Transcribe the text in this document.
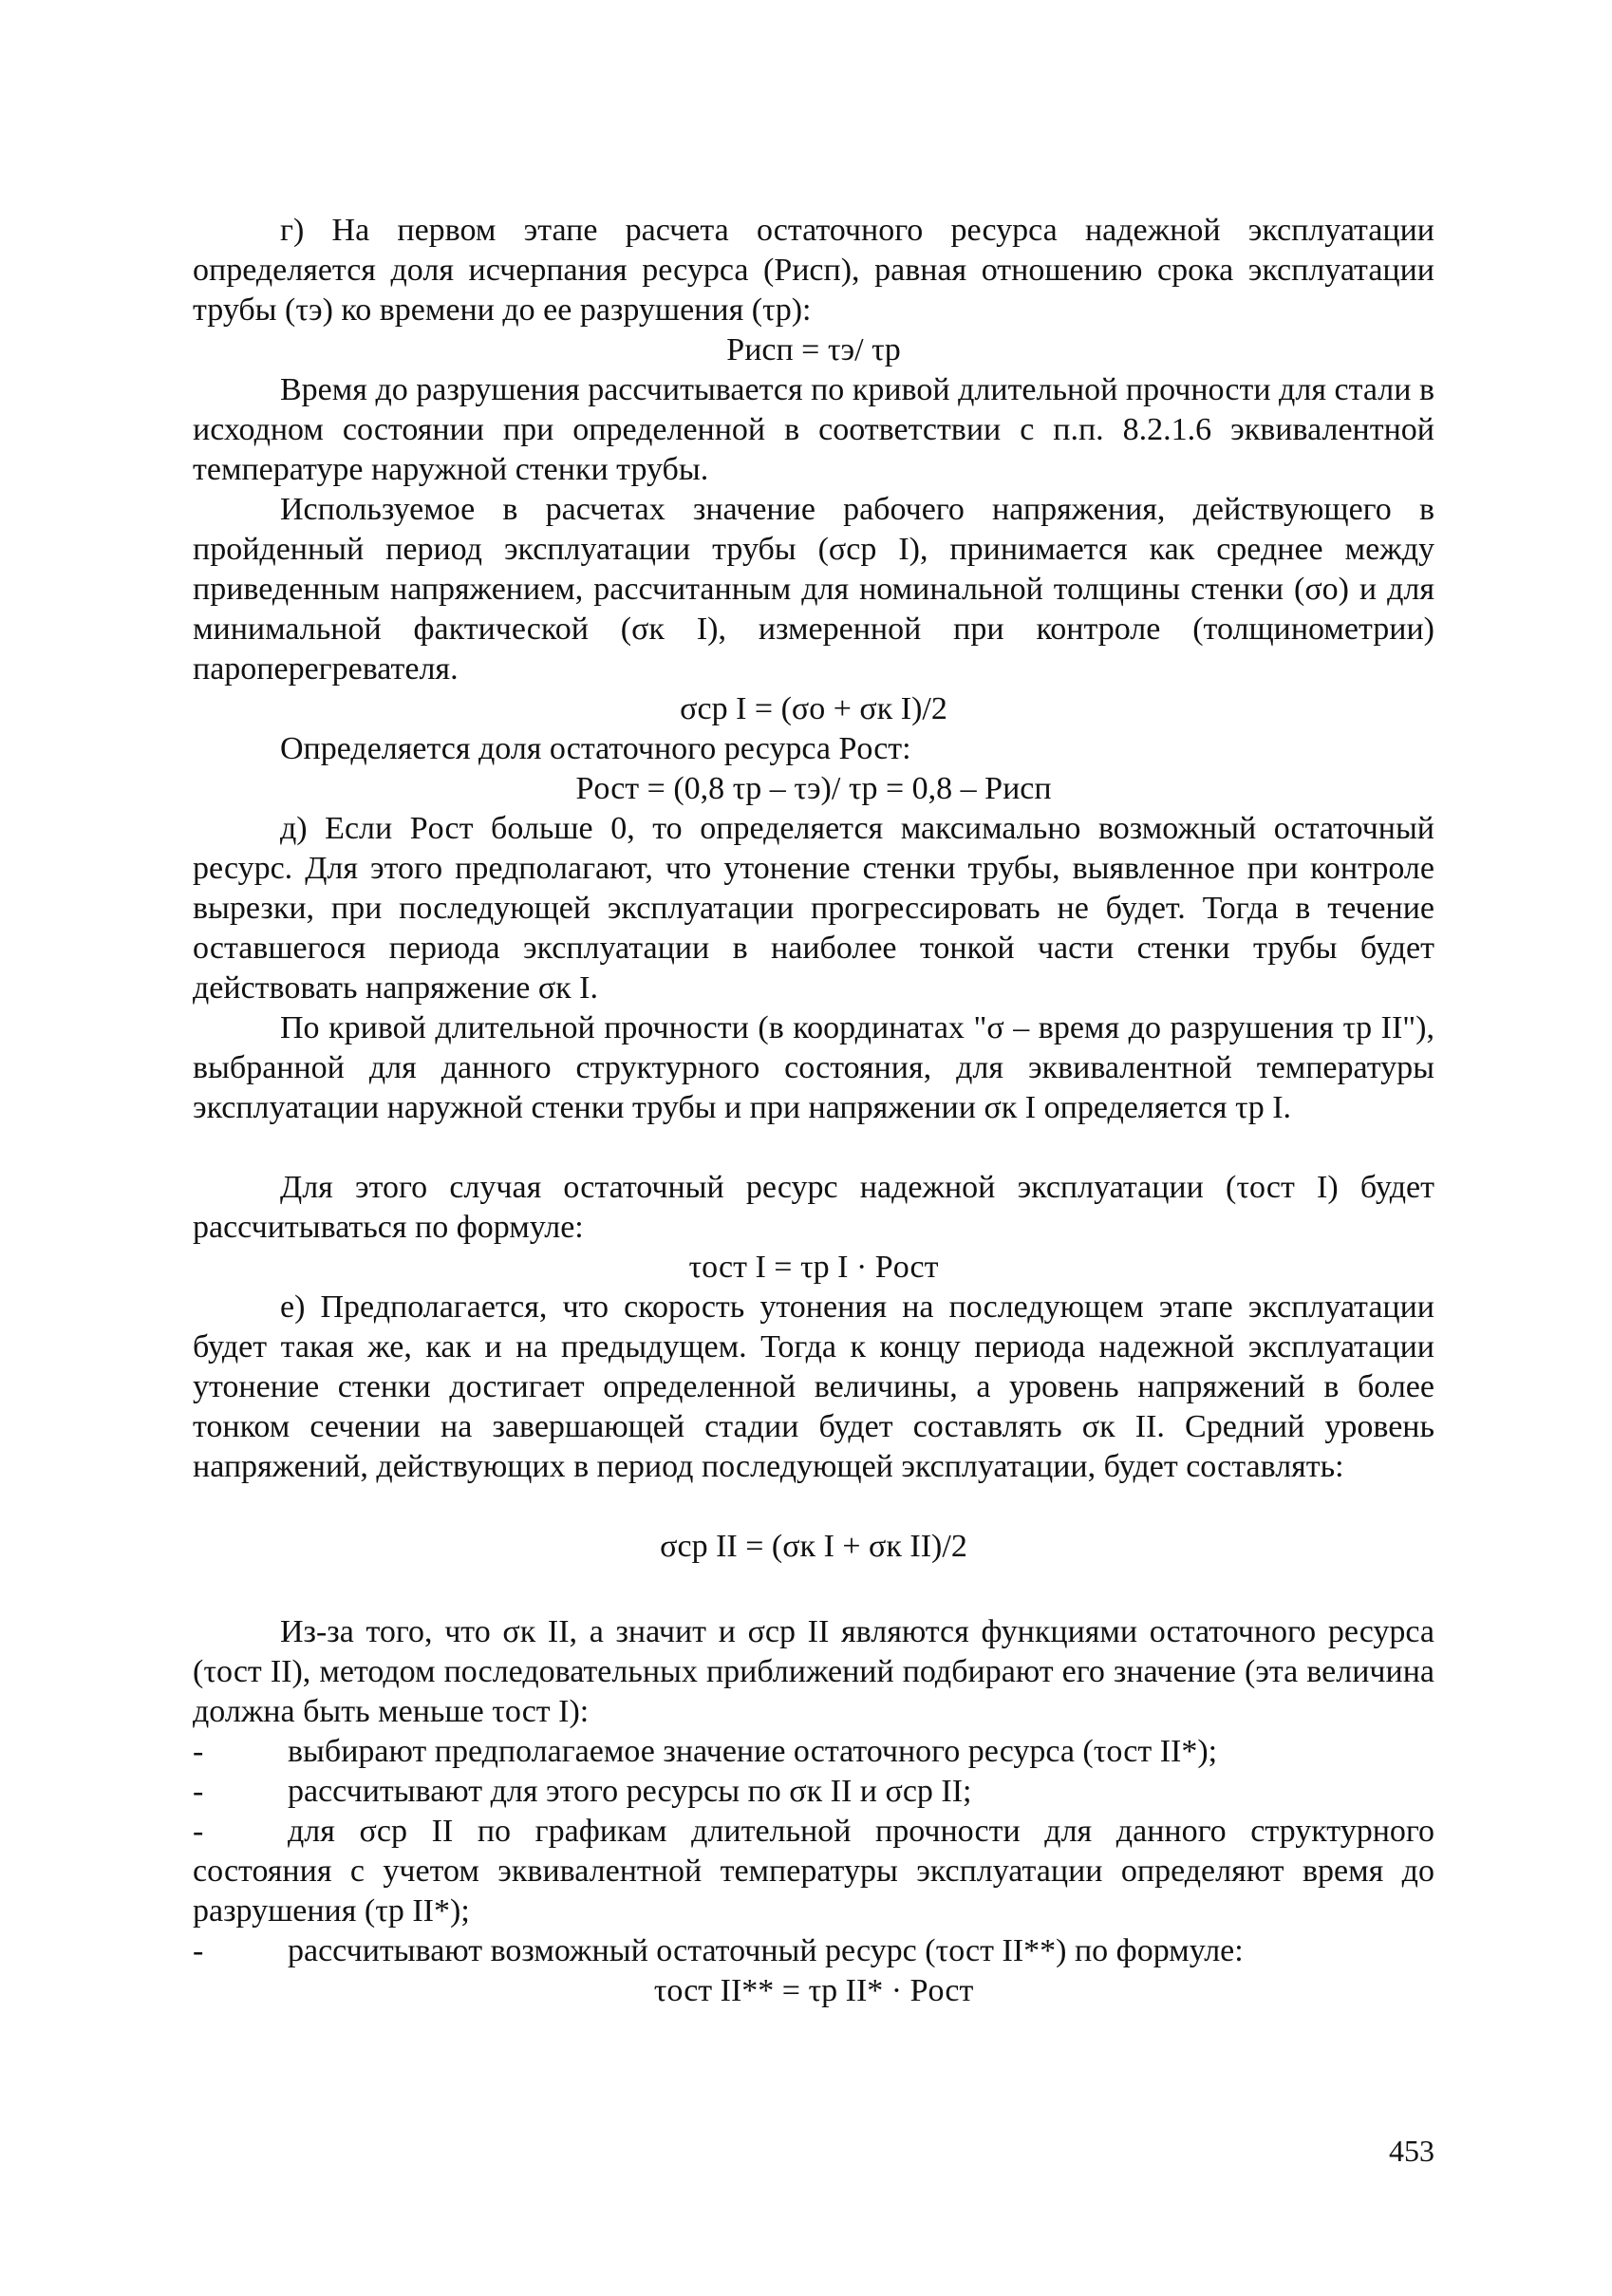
г) На первом этапе расчета остаточного ресурса надежной эксплуатации определяется доля исчерпания ресурса (Pисп), равная отношению срока эксплуатации трубы (τэ) ко времени до ее разрушения (τр):

Pисп = τэ/ τр

Время до разрушения рассчитывается по кривой длительной прочности для стали в исходном состоянии при определенной в соответствии с п.п. 8.2.1.6 эквивалентной температуре наружной стенки трубы.

Используемое в расчетах значение рабочего напряжения, действующего в пройденный период эксплуатации трубы (σср I), принимается как среднее между приведенным напряжением, рассчитанным для номинальной толщины стенки (σо) и для минимальной фактической (σк I), измеренной при контроле (толщинометрии) пароперегревателя.

σср I = (σо + σк I)/2

Определяется доля остаточного ресурса Pост:

Pост = (0,8 τр – τэ)/ τр = 0,8 – Pисп

д) Если Pост больше 0, то определяется максимально возможный остаточный ресурс. Для этого предполагают, что утонение стенки трубы, выявленное при контроле вырезки, при последующей эксплуатации прогрессировать не будет. Тогда в течение оставшегося периода эксплуатации в наиболее тонкой части стенки трубы будет действовать напряжение σк I.

По кривой длительной прочности (в координатах "σ – время до разрушения τр II"), выбранной для данного структурного состояния, для эквивалентной температуры эксплуатации наружной стенки трубы и при напряжении σк I определяется τр I.

Для этого случая остаточный ресурс надежной эксплуатации (τост I) будет рассчитываться по формуле:

τост I = τр I · Pост

е) Предполагается, что скорость утонения на последующем этапе эксплуатации будет такая же, как и на предыдущем. Тогда к концу периода надежной эксплуатации утонение стенки достигает определенной величины, а уровень напряжений в более тонком сечении на завершающей стадии будет составлять σк II. Средний уровень напряжений, действующих в период последующей эксплуатации, будет составлять:

σср II = (σк I + σк II)/2

Из-за того, что σк II, а значит и σср II являются функциями остаточного ресурса (τост II), методом последовательных приближений подбирают его значение (эта величина должна быть меньше τост I):

-	выбирают предполагаемое значение остаточного ресурса (τост II*);

-	рассчитывают для этого ресурсы по σк II и σср II;

-	для σср II по графикам длительной прочности для данного структурного состояния с учетом эквивалентной температуры эксплуатации определяют время до разрушения (τр II*);

-	рассчитывают возможный остаточный ресурс (τост II**) по формуле:

τост II** = τр II* · Pост

453
